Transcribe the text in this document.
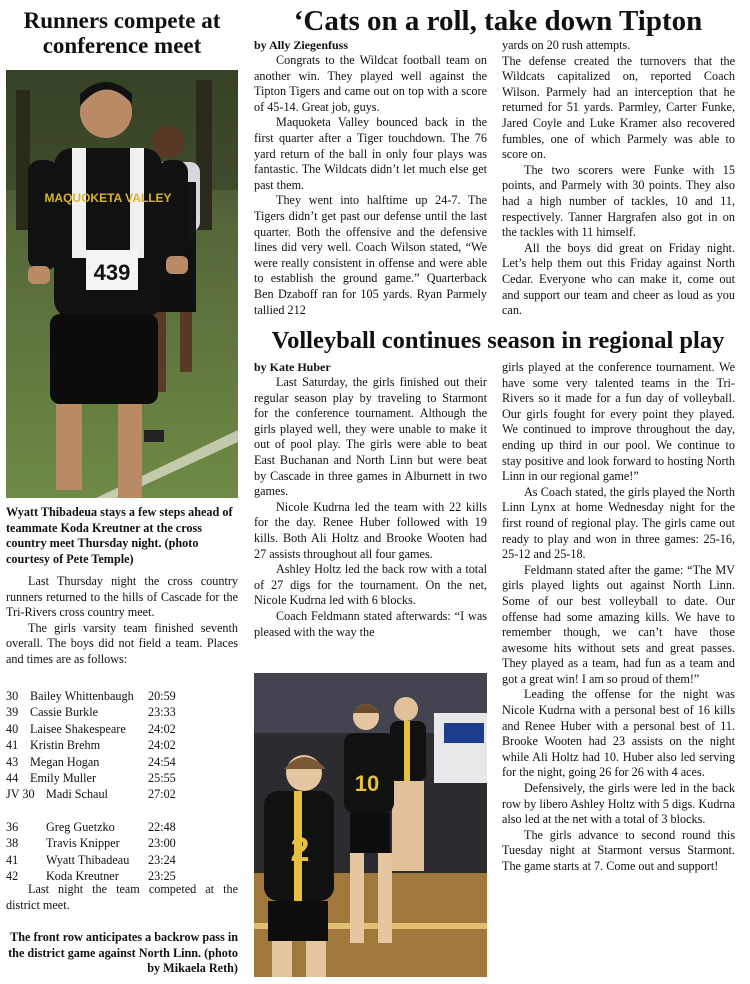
Runners compete at
conference meet
MAQUOKETA VALLEY
439
Wyatt Thibadeua stays a few steps ahead of teammate Koda Kreutner at the cross country meet Thursday night. (photo courtesy of Pete Temple)

Last Thursday night the cross country runners returned to the hills of Cascade for the Tri-Rivers cross country meet.

The girls varsity team finished seventh overall. The boys did not field a team. Places and times are as follows:

30 Bailey Whittenbaugh	20:59
39 Cassie Burkle	23:33
40 Laisee Shakespeare	24:02
41 Kristin Brehm	24:02
43 Megan Hogan	24:54
44 Emily Muller	25:55
JV 30 Madi Schaul	27:02
36	Greg Guetzko	22:48
38	Travis Knipper	23:00
41	Wyatt Thibadeau	23:24
42	Koda Kreutner	23:25

Last night the team competed at the district meet.

The front row anticipates a backrow pass in the district game against North Linn. (photo by Mikaela Reth)
‘Cats on a roll, take down Tipton
by Ally Ziegenfuss

Congrats to the Wildcat football team on another win. They played well against the Tipton Tigers and came out on top with a score of 45-14. Great job, guys.

Maquoketa Valley bounced back in the first quarter after a Tiger touchdown. The 76 yard return of the ball in only four plays was fantastic. The Wildcats didn’t let much else get past them.

They went into halftime up 24-7. The Tigers didn’t get past our defense until the last quarter. Both the offensive and the defensive lines did very well. Coach Wilson stated, “We were really consistent in offense and were able to establish the ground game.” Quarterback Ben Dzaboff ran for 105 yards. Ryan Parmely tallied 212

yards on 20 rush attempts.

The defense created the turnovers that the Wildcats capitalized on, reported Coach Wilson. Parmely had an interception that he returned for 51 yards. Parmley, Carter Funke, Jared Coyle and Luke Kramer also recovered fumbles, one of which Parmely was able to score on.

The two scorers were Funke with 15 points, and Parmely with 30 points. They also had a high number of tackles, 10 and 11, respectively. Tanner Hargrafen also got in on the tackles with 11 himself.

All the boys did great on Friday night. Let’s help them out this Friday against North Cedar. Everyone who can make it, come out and support our team and cheer as loud as you can.

Volleyball continues season in regional play
by Kate Huber

Last Saturday, the girls finished out their regular season play by traveling to Starmont for the conference tournament. Although the girls played well, they were unable to make it out of pool play. The girls were able to beat East Buchanan and North Linn but were beat by Cascade in three games in Alburnett in two games.

Nicole Kudrna led the team with 22 kills for the day. Renee Huber followed with 19 kills. Both Ali Holtz and Brooke Wooten had 27 assists throughout all four games.

Ashley Holtz led the back row with a total of 27 digs for the tournament. On the net, Nicole Kudrna led with 6 blocks.

Coach Feldmann stated afterwards: “I was pleased with the way the

10
2

girls played at the conference tournament. We have some very talented teams in the Tri-Rivers so it made for a fun day of volleyball. Our girls fought for every point they played. We continued to improve throughout the day, ending up third in our pool. We continue to stay positive and look forward to hosting North Linn in our regional game!”

As Coach stated, the girls played the North Linn Lynx at home Wednesday night for the first round of regional play. The girls came out ready to play and won in three games: 25-16, 25-12 and 25-18.

Feldmann stated after the game: “The MV girls played lights out against North Linn. Some of our best volleyball to date. Our offense had some amazing kills. We have to remember though, we can’t have those awesome hits without sets and great passes. They played as a team, had fun as a team and got a great win! I am so proud of them!”

Leading the offense for the night was Nicole Kudrna with a personal best of 16 kills and Renee Huber with a personal best of 11. Brooke Wooten had 23 assists on the night while Ali Holtz had 10. Huber also led serving for the night, going 26 for 26 with 4 aces.

Defensively, the girls were led in the back row by libero Ashley Holtz with 5 digs. Kudrna also led at the net with a total of 3 blocks.

The girls advance to second round this Tuesday night at Starmont versus Starmont. The game starts at 7. Come out and support!
